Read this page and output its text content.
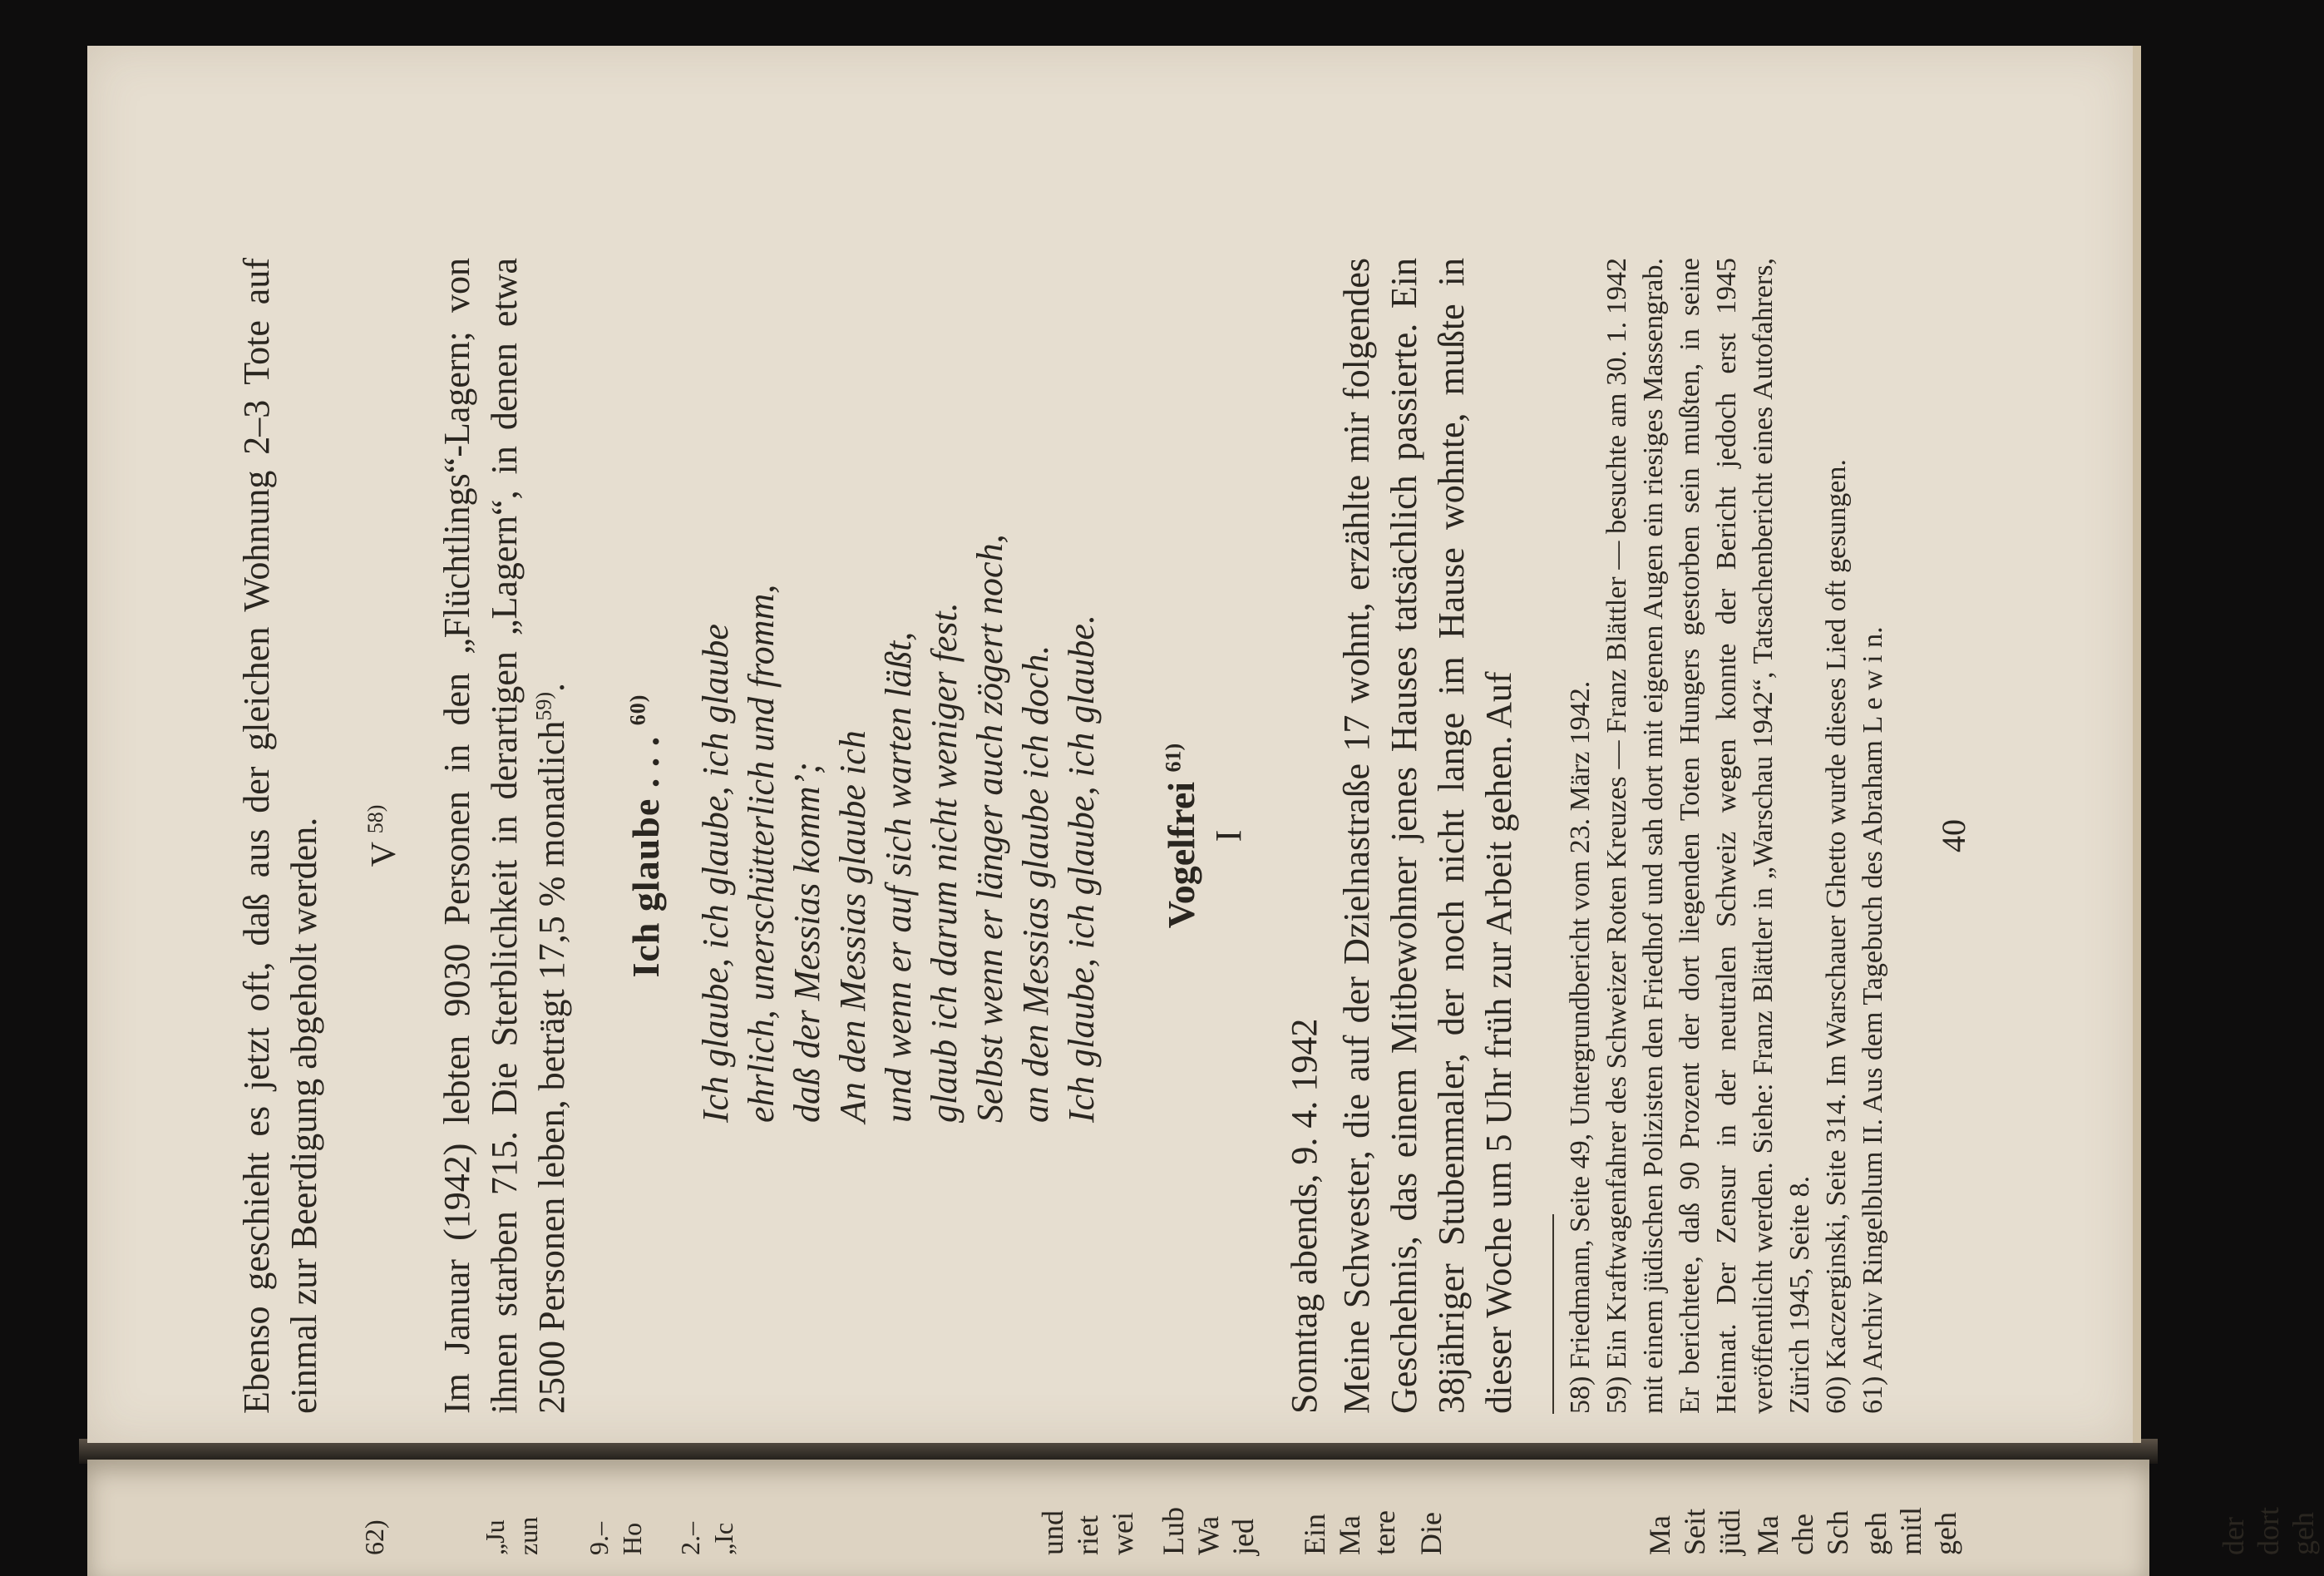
Ebenso geschieht es jetzt oft, daß aus der gleichen Wohnung 2–3 Tote auf einmal zur Beerdigung abgeholt werden. V $^{58)}$	Im Januar (1942) lebten 9030 Personen in den „Flüchtlings“-Lagern; von ihnen starben 715. Die Sterblichkeit in derartigen „Lagern“, in denen etwa 2500 Personen leben, beträgt 17,5 % monatlich$^{59)}$.

Ich glaube . . . $^{60)}$	Ich glaube, ich glaube, ich glaube ehrlich, unerschütterlich und fromm, daß der Messias komm’; An den Messias glaube ich und wenn er auf sich warten läßt, glaub ich darum nicht weniger fest. Selbst wenn er länger auch zögert noch, an den Messias glaube ich doch. Ich glaube, ich glaube, ich glaube. Vogelfrei $^{61)}$
I

Sonntag abends, 9. 4. 1942 Meine Schwester, die auf der Dzielnastraße 17 wohnt, erzählte mir folgendes Geschehnis, das einem Mitbewohner jenes Hauses tatsächlich passierte. Ein 38jähriger Stubenmaler, der noch nicht lange im Hause wohnte, mußte in dieser Woche um 5 Uhr früh zur Arbeit gehen. Auf 58) Friedmann, Seite 49, Untergrundbericht vom 23. März 1942. 59) Ein Kraftwagenfahrer des Schweizer Roten Kreuzes — Franz Blättler — besuchte am 30. 1. 1942 mit einem jüdischen Polizisten den Friedhof und sah dort mit eigenen Augen ein riesiges Massengrab. Er berichtete, daß 90 Prozent der dort liegenden Toten Hungers gestorben sein mußten, in seine Heimat. Der Zensur in der neutralen Schweiz wegen konnte der Bericht jedoch erst 1945 veröffentlicht werden. Siehe: Franz Blättler in „Warschau 1942“, Tatsachenbericht eines Autofahrers, Zürich 1945, Seite 8. 60) Kaczerginski, Seite 314. Im Warschauer Ghetto wurde dieses Lied oft gesungen. 61) Archiv Ringelblum II. Aus dem Tagebuch des Abraham L e w i n. 40
der dort geh
geh mitl geh
Ma che Sch
Ma Seit jüdi
Die
Ein Ma tere
Lub Wa jed
und riet wei
2.– „Ic
9.– Ho
„Ju zun
62)
